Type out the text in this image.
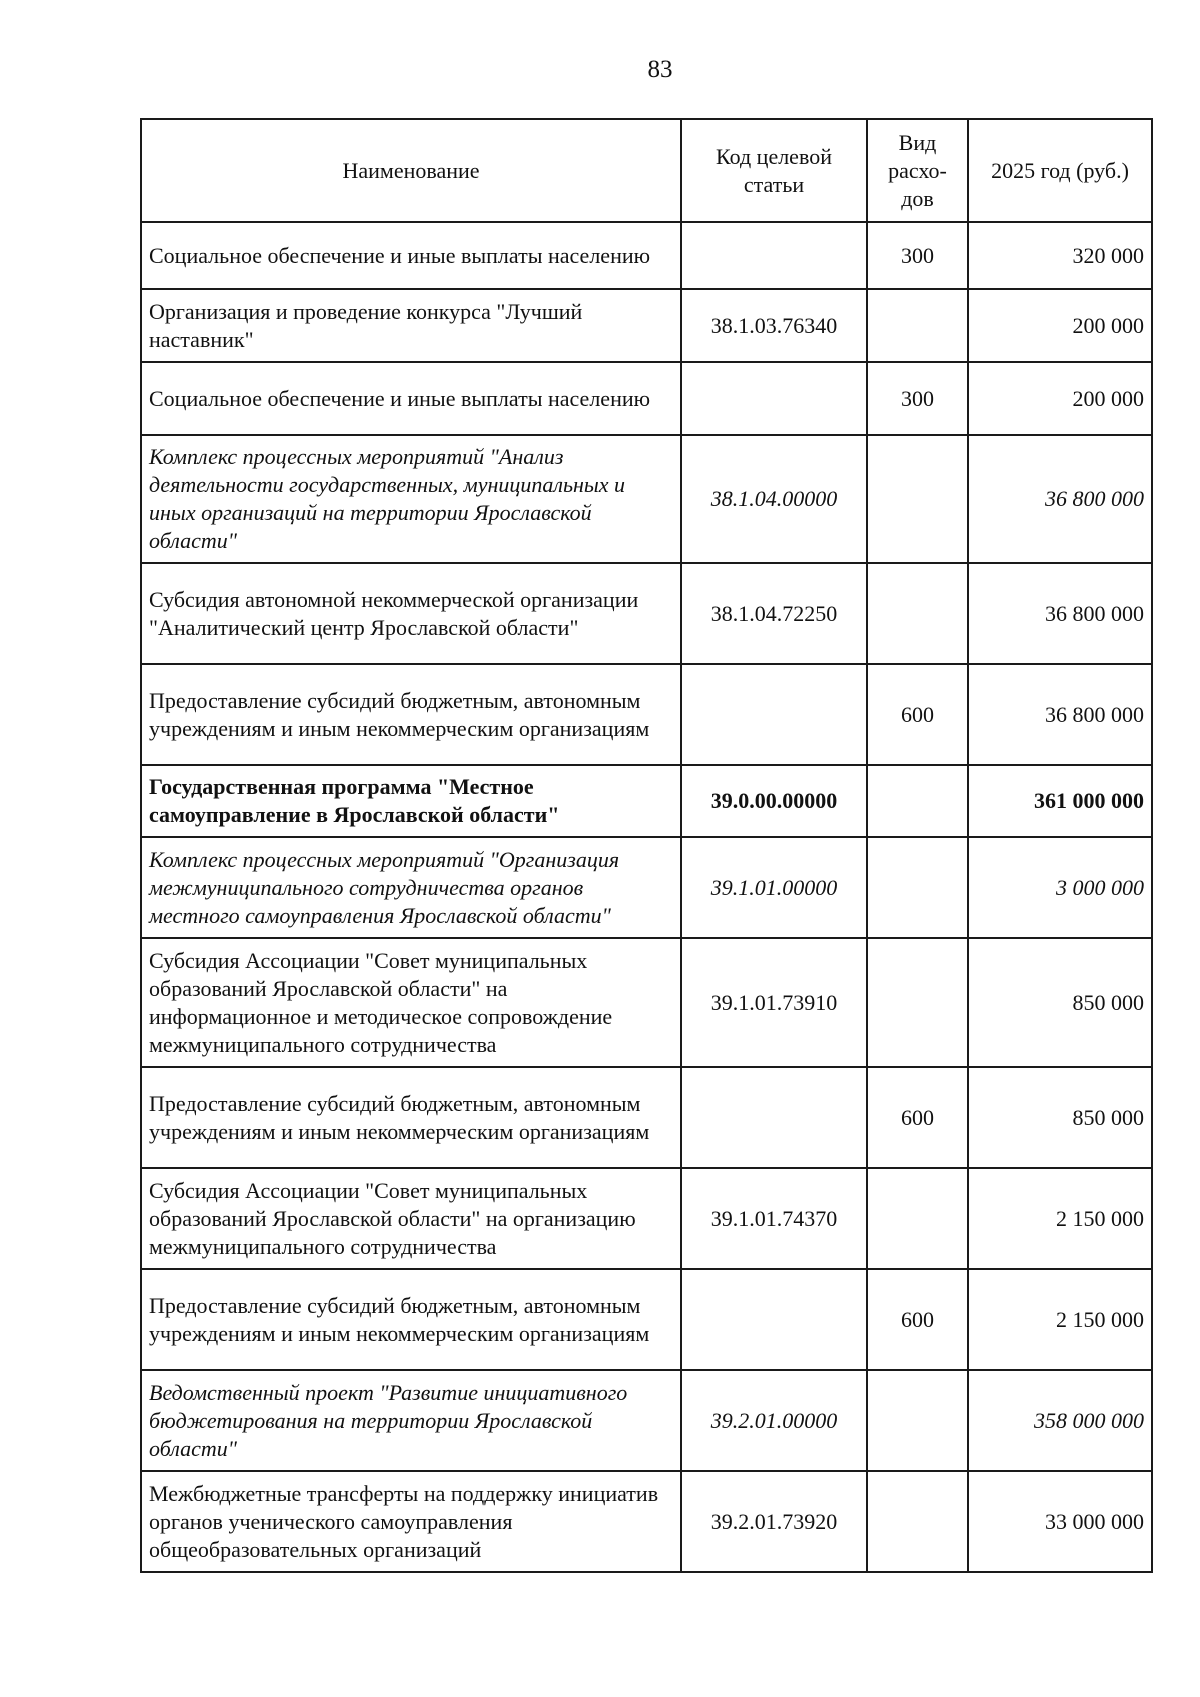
83
Наименование	Код целевой статьи	Вид расхо-дов	2025 год (руб.)
Социальное обеспечение и иные выплаты населению		300	320 000
Организация и проведение конкурса "Лучший наставник"	38.1.03.76340		200 000
Социальное обеспечение и иные выплаты населению		300	200 000
Комплекс процессных мероприятий "Анализ деятельности государственных, муниципальных и иных организаций на территории Ярославской области"	38.1.04.00000		36 800 000
Субсидия автономной некоммерческой организации "Аналитический центр Ярославской области"	38.1.04.72250		36 800 000
Предоставление субсидий бюджетным, автономным учреждениям и иным некоммерческим организациям		600	36 800 000
Государственная программа "Местное самоуправление в Ярославской области"	39.0.00.00000		361 000 000
Комплекс процессных мероприятий "Организация межмуниципального сотрудничества органов местного самоуправления Ярославской области"	39.1.01.00000		3 000 000
Субсидия Ассоциации "Совет муниципальных образований Ярославской области" на информационное и методическое сопровождение межмуниципального сотрудничества	39.1.01.73910		850 000
Предоставление субсидий бюджетным, автономным учреждениям и иным некоммерческим организациям		600	850 000
Субсидия Ассоциации "Совет муниципальных образований Ярославской области" на организацию межмуниципального сотрудничества	39.1.01.74370		2 150 000
Предоставление субсидий бюджетным, автономным учреждениям и иным некоммерческим организациям		600	2 150 000
Ведомственный проект "Развитие инициативного бюджетирования на территории Ярославской области"	39.2.01.00000		358 000 000
Межбюджетные трансферты на поддержку инициатив органов ученического самоуправления общеобразовательных организаций	39.2.01.73920		33 000 000
